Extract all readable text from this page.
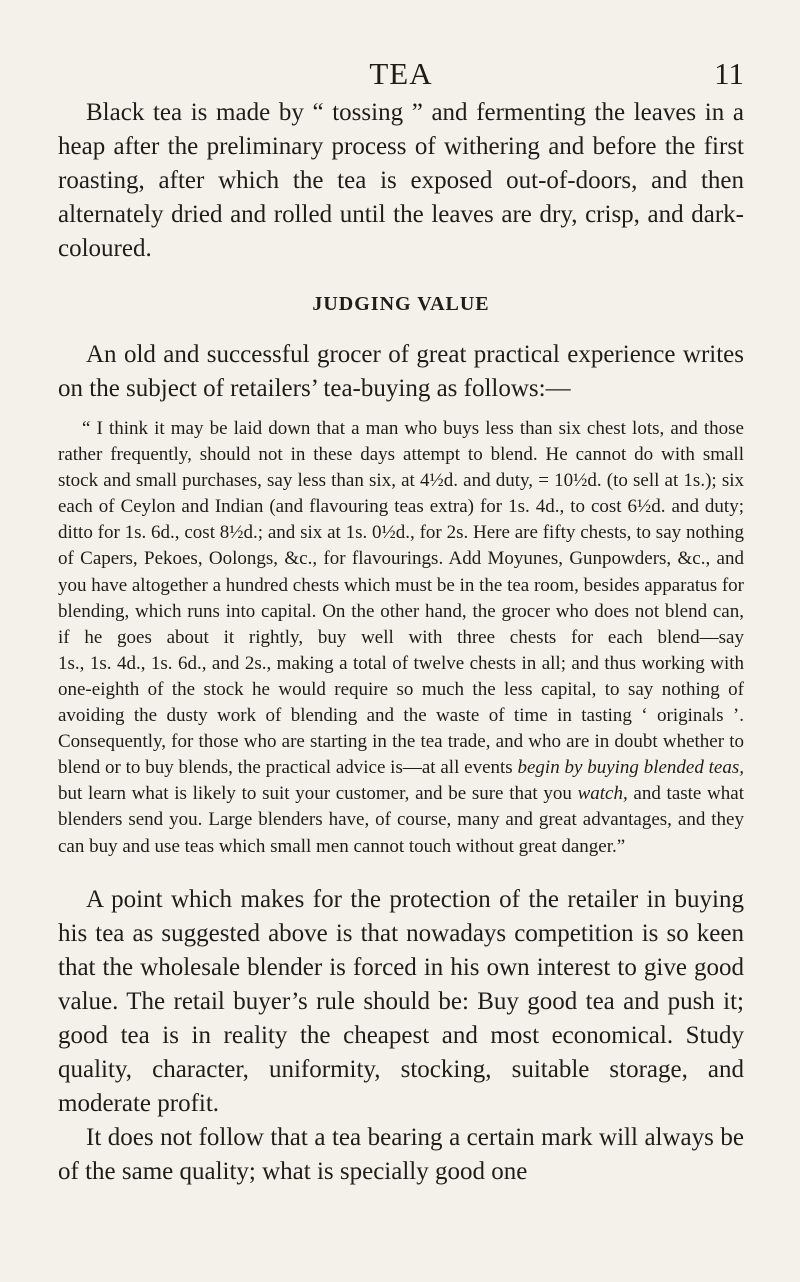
TEA	11

Black tea is made by “ tossing ” and fermenting the leaves in a heap after the preliminary process of withering and before the first roasting, after which the tea is exposed out-of-doors, and then alternately dried and rolled until the leaves are dry, crisp, and dark-coloured.

JUDGING VALUE

An old and successful grocer of great practical experience writes on the subject of retailers’ tea-buying as follows:—

“ I think it may be laid down that a man who buys less than six chest lots, and those rather frequently, should not in these days attempt to blend. He cannot do with small stock and small purchases, say less than six, at 4½d. and duty, = 10½d. (to sell at 1s.); six each of Ceylon and Indian (and flavouring teas extra) for 1s. 4d., to cost 6½d. and duty; ditto for 1s. 6d., cost 8½d.; and six at 1s. 0½d., for 2s. Here are fifty chests, to say nothing of Capers, Pekoes, Oolongs, &c., for flavourings. Add Moyunes, Gunpowders, &c., and you have altogether a hundred chests which must be in the tea room, besides apparatus for blending, which runs into capital. On the other hand, the grocer who does not blend can, if he goes about it rightly, buy well with three chests for each blend—say 1s., 1s. 4d., 1s. 6d., and 2s., making a total of twelve chests in all; and thus working with one-eighth of the stock he would require so much the less capital, to say nothing of avoiding the dusty work of blending and the waste of time in tasting ‘ originals ’. Consequently, for those who are starting in the tea trade, and who are in doubt whether to blend or to buy blends, the practical advice is—at all events begin by buying blended teas, but learn what is likely to suit your customer, and be sure that you watch, and taste what blenders send you. Large blenders have, of course, many and great advantages, and they can buy and use teas which small men cannot touch without great danger.”

A point which makes for the protection of the retailer in buying his tea as suggested above is that nowadays competition is so keen that the wholesale blender is forced in his own interest to give good value. The retail buyer’s rule should be: Buy good tea and push it; good tea is in reality the cheapest and most economical. Study quality, character, uniformity, stocking, suitable storage, and moderate profit.

It does not follow that a tea bearing a certain mark will always be of the same quality; what is specially good one
